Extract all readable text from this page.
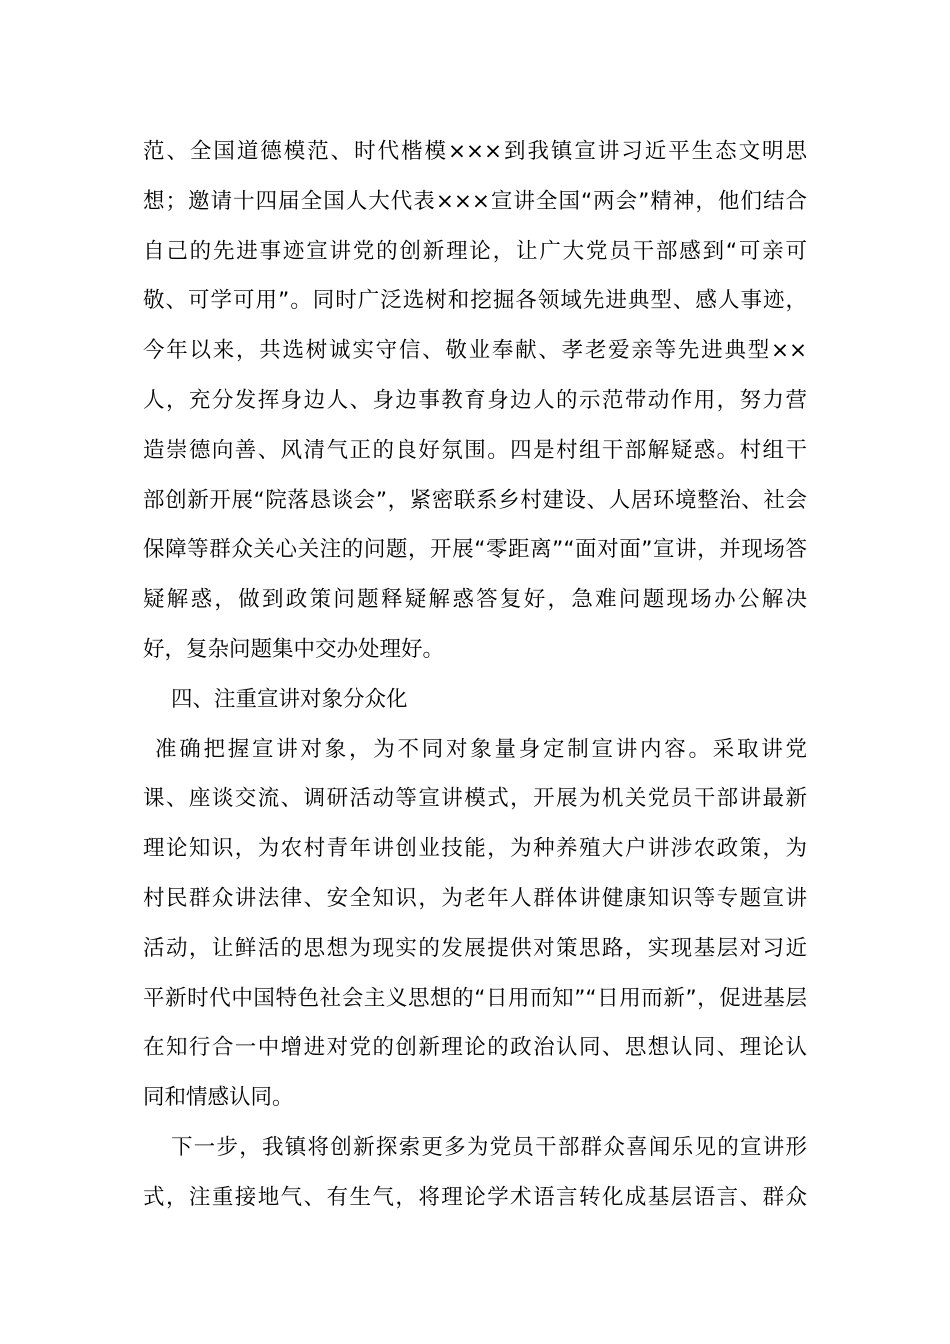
范、全国道德模范、时代楷模×××到我镇宣讲习近平生态文明思
想；邀请十四届全国人大代表×××宣讲全国“两会”精神，他们结合
自己的先进事迹宣讲党的创新理论，让广大党员干部感到“可亲可
敬、可学可用”。同时广泛选树和挖掘各领域先进典型、感人事迹，
今年以来，共选树诚实守信、敬业奉献、孝老爱亲等先进典型××
人，充分发挥身边人、身边事教育身边人的示范带动作用，努力营
造崇德向善、风清气正的良好氛围。四是村组干部解疑惑。村组干
部创新开展“院落恳谈会”，紧密联系乡村建设、人居环境整治、社会
保障等群众关心关注的问题，开展“零距离”“面对面”宣讲，并现场答
疑解惑，做到政策问题释疑解惑答复好，急难问题现场办公解决
好，复杂问题集中交办处理好。
四、注重宣讲对象分众化
准确把握宣讲对象，为不同对象量身定制宣讲内容。采取讲党
课、座谈交流、调研活动等宣讲模式，开展为机关党员干部讲最新
理论知识，为农村青年讲创业技能，为种养殖大户讲涉农政策，为
村民群众讲法律、安全知识，为老年人群体讲健康知识等专题宣讲
活动，让鲜活的思想为现实的发展提供对策思路，实现基层对习近
平新时代中国特色社会主义思想的“日用而知”“日用而新”，促进基层
在知行合一中增进对党的创新理论的政治认同、思想认同、理论认
同和情感认同。
下一步，我镇将创新探索更多为党员干部群众喜闻乐见的宣讲形
式，注重接地气、有生气，将理论学术语言转化成基层语言、群众
